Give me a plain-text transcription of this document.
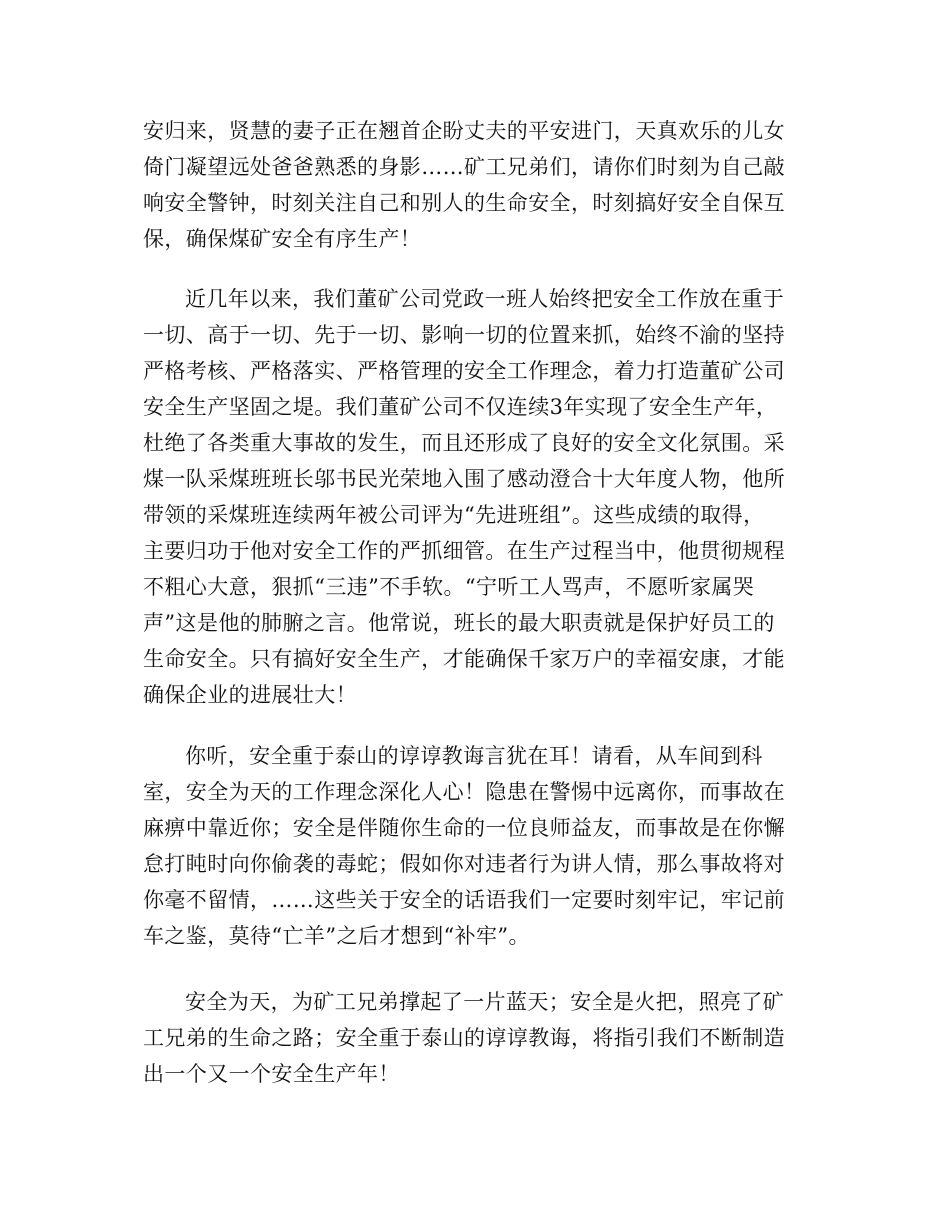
安归来，贤慧的妻子正在翘首企盼丈夫的平安进门，天真欢乐的儿女
倚门凝望远处爸爸熟悉的身影……矿工兄弟们，请你们时刻为自己敲
响安全警钟，时刻关注自己和别人的生命安全，时刻搞好安全自保互
保，确保煤矿安全有序生产！
近几年以来，我们董矿公司党政一班人始终把安全工作放在重于
一切、高于一切、先于一切、影响一切的位置来抓，始终不渝的坚持
严格考核、严格落实、严格管理的安全工作理念，着力打造董矿公司
安全生产坚固之堤。我们董矿公司不仅连续3年实现了安全生产年，
杜绝了各类重大事故的发生，而且还形成了良好的安全文化氛围。采
煤一队采煤班班长邬书民光荣地入围了感动澄合十大年度人物，他所
带领的采煤班连续两年被公司评为“先进班组”。这些成绩的取得，
主要归功于他对安全工作的严抓细管。在生产过程当中，他贯彻规程
不粗心大意，狠抓“三违”不手软。“宁听工人骂声，不愿听家属哭
声”这是他的肺腑之言。他常说，班长的最大职责就是保护好员工的
生命安全。只有搞好安全生产，才能确保千家万户的幸福安康，才能
确保企业的进展壮大！
你听，安全重于泰山的谆谆教诲言犹在耳！请看，从车间到科
室，安全为天的工作理念深化人心！隐患在警惕中远离你，而事故在
麻痹中靠近你；安全是伴随你生命的一位良师益友，而事故是在你懈
怠打盹时向你偷袭的毒蛇；假如你对违者行为讲人情，那么事故将对
你毫不留情，……这些关于安全的话语我们一定要时刻牢记，牢记前
车之鉴，莫待“亡羊”之后才想到“补牢”。
安全为天，为矿工兄弟撑起了一片蓝天；安全是火把，照亮了矿
工兄弟的生命之路；安全重于泰山的谆谆教诲，将指引我们不断制造
出一个又一个安全生产年！
